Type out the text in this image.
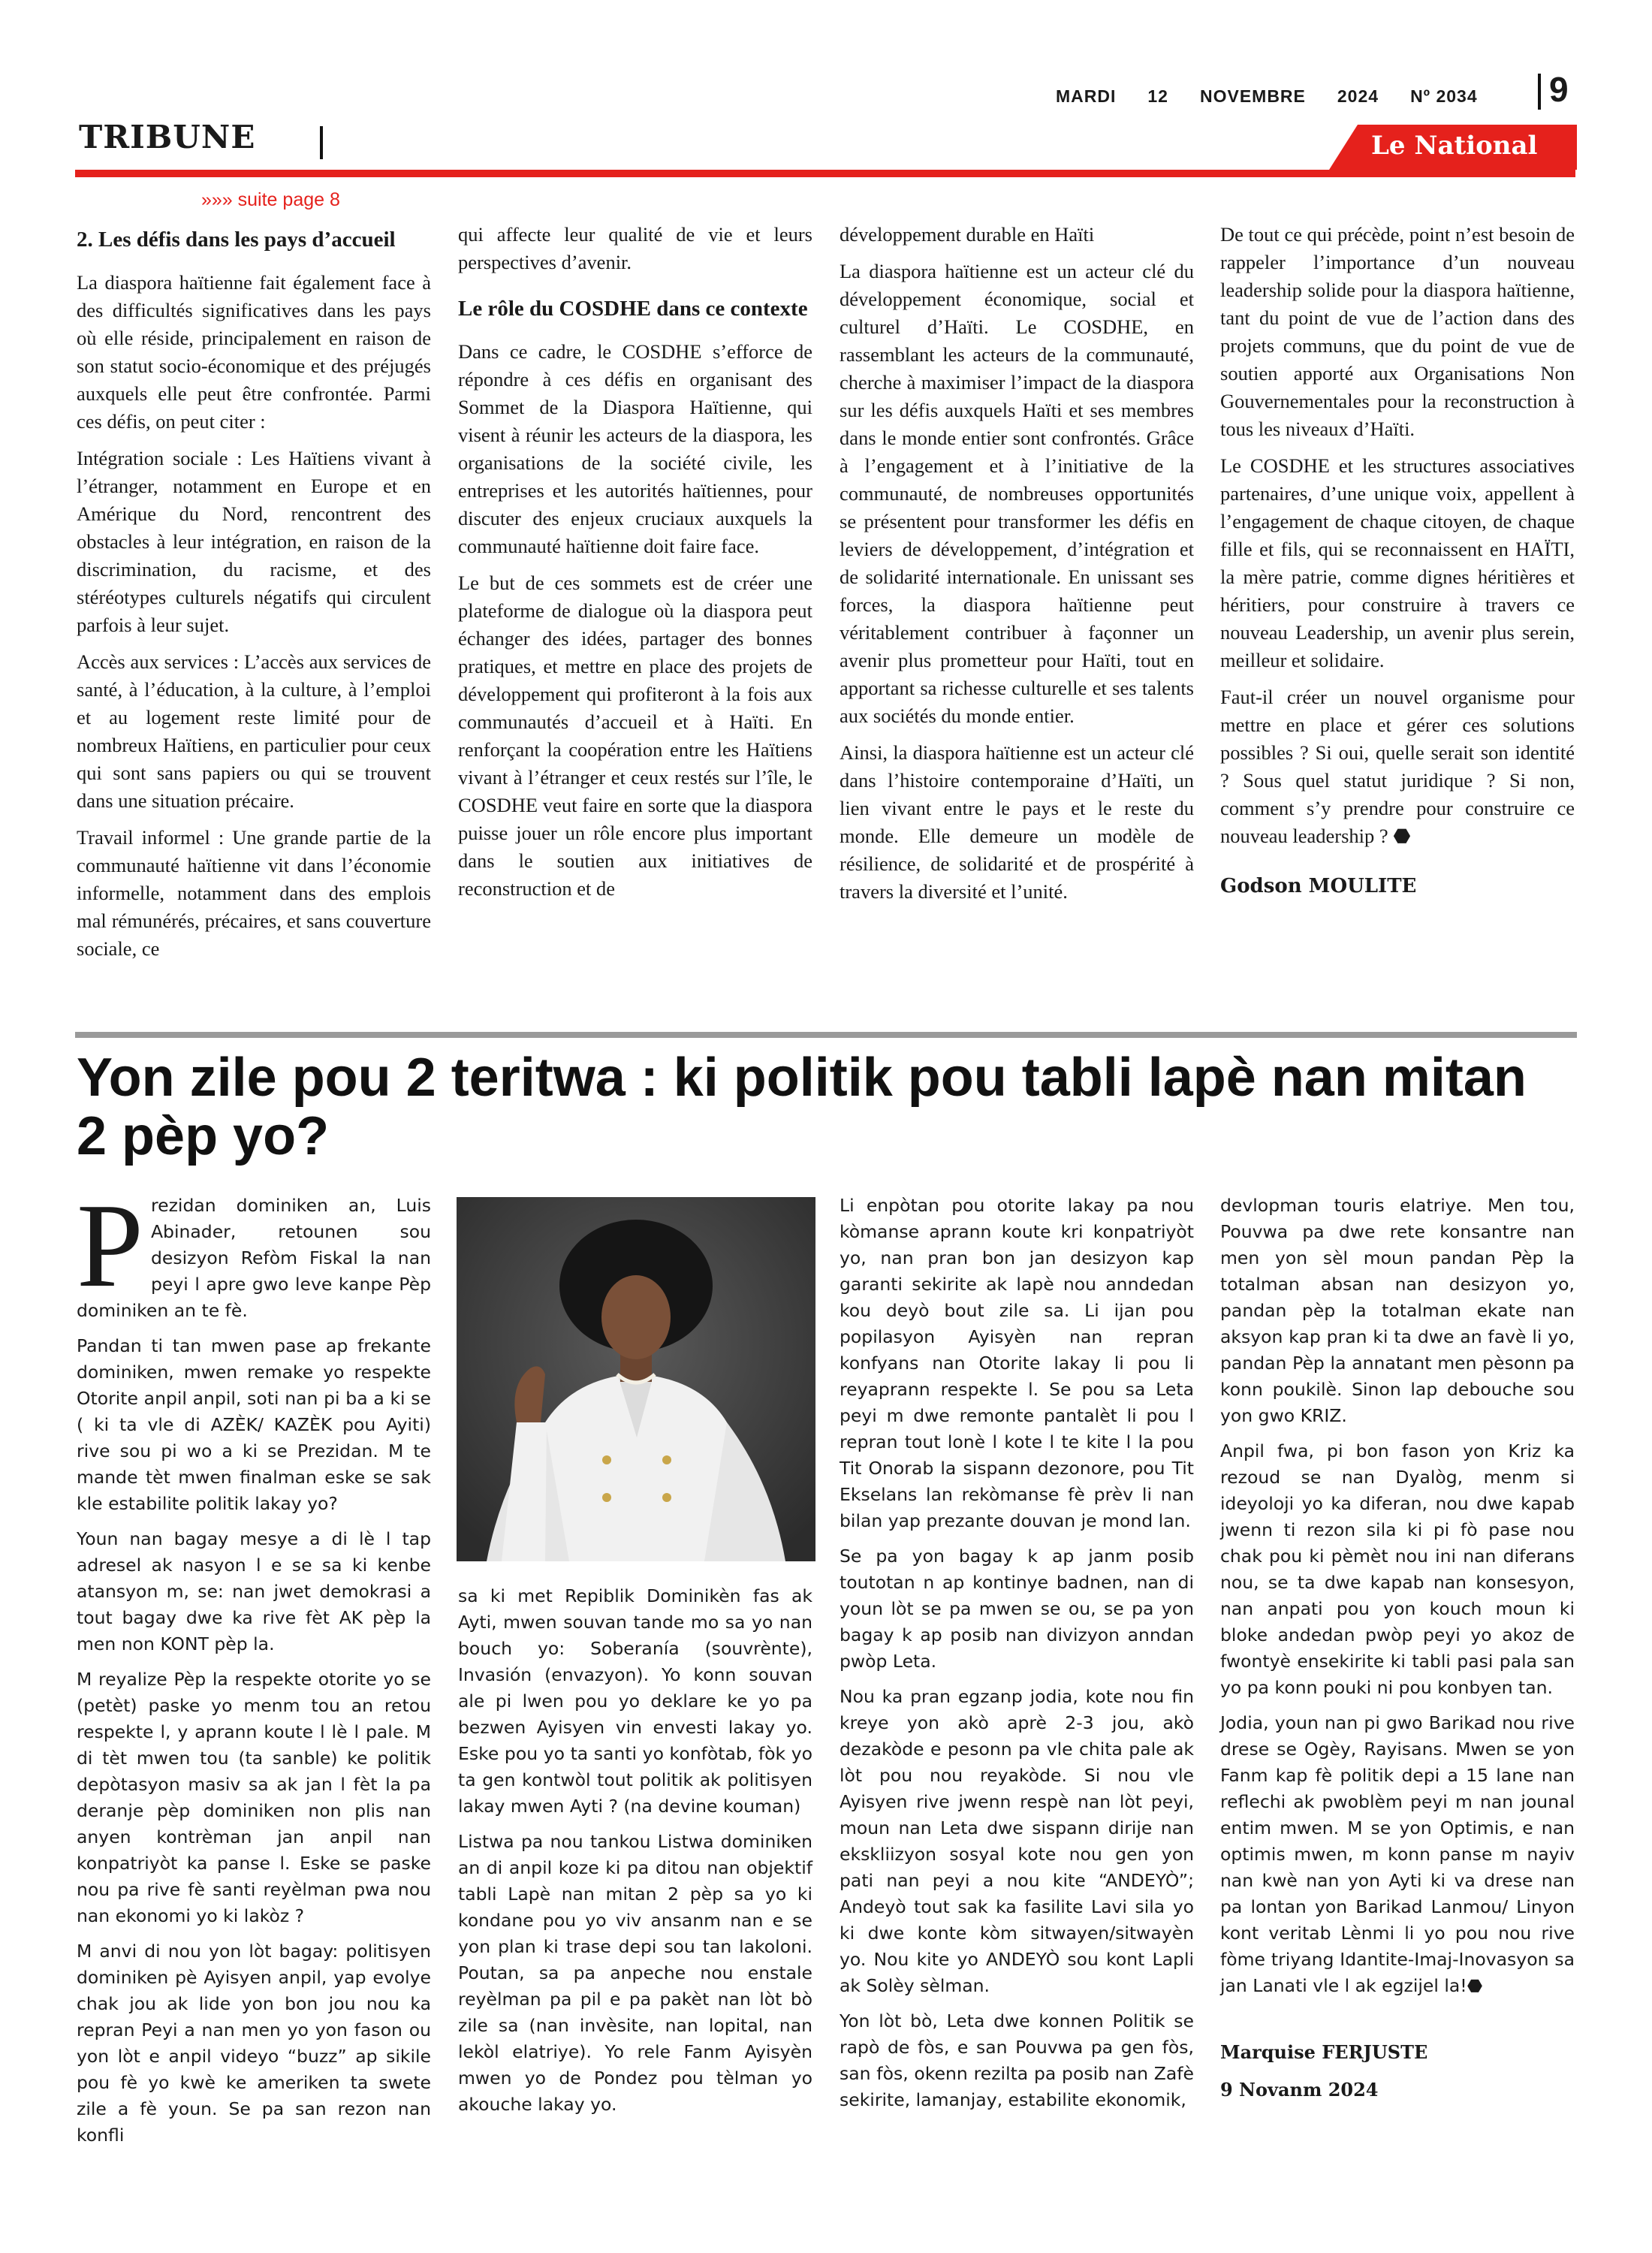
MARDI 12 NOVEMBRE 2024 Nº 2034	9
TRIBUNE	Le National
»»» suite page 8
2. Les défis dans les pays d’accueil

La diaspora haïtienne fait également face à des difficultés significatives dans les pays où elle réside, principalement en raison de son statut socio-économique et des préjugés auxquels elle peut être confrontée. Parmi ces défis, on peut citer :

Intégration sociale : Les Haïtiens vivant à l’étranger, notamment en Europe et en Amérique du Nord, rencontrent des obstacles à leur intégration, en raison de la discrimination, du racisme, et des stéréotypes culturels négatifs qui circulent parfois à leur sujet.

Accès aux services : L’accès aux services de santé, à l’éducation, à la culture, à l’emploi et au logement reste limité pour de nombreux Haïtiens, en particulier pour ceux qui sont sans papiers ou qui se trouvent dans une situation précaire.

Travail informel : Une grande partie de la communauté haïtienne vit dans l’économie informelle, notamment dans des emplois mal rémunérés, précaires, et sans couverture sociale, ce

qui affecte leur qualité de vie et leurs perspectives d’avenir.

Le rôle du COSDHE dans ce contexte

Dans ce cadre, le COSDHE s’efforce de répondre à ces défis en organisant des Sommet de la Diaspora Haïtienne, qui visent à réunir les acteurs de la diaspora, les organisations de la société civile, les entreprises et les autorités haïtiennes, pour discuter des enjeux cruciaux auxquels la communauté haïtienne doit faire face.

Le but de ces sommets est de créer une plateforme de dialogue où la diaspora peut échanger des idées, partager des bonnes pratiques, et mettre en place des projets de développement qui profiteront à la fois aux communautés d’accueil et à Haïti. En renforçant la coopération entre les Haïtiens vivant à l’étranger et ceux restés sur l’île, le COSDHE veut faire en sorte que la diaspora puisse jouer un rôle encore plus important dans le soutien aux initiatives de reconstruction et de

développement durable en Haïti

La diaspora haïtienne est un acteur clé du développement économique, social et culturel d’Haïti. Le COSDHE, en rassemblant les acteurs de la communauté, cherche à maximiser l’impact de la diaspora sur les défis auxquels Haïti et ses membres dans le monde entier sont confrontés. Grâce à l’engagement et à l’initiative de la communauté, de nombreuses opportunités se présentent pour transformer les défis en leviers de développement, d’intégration et de solidarité internationale. En unissant ses forces, la diaspora haïtienne peut véritablement contribuer à façonner un avenir plus prometteur pour Haïti, tout en apportant sa richesse culturelle et ses talents aux sociétés du monde entier.

Ainsi, la diaspora haïtienne est un acteur clé dans l’histoire contemporaine d’Haïti, un lien vivant entre le pays et le reste du monde. Elle demeure un modèle de résilience, de solidarité et de prospérité à travers la diversité et l’unité.

De tout ce qui précède, point n’est besoin de rappeler l’importance d’un nouveau leadership solide pour la diaspora haïtienne, tant du point de vue de l’action dans des projets communs, que du point de vue de soutien apporté aux Organisations Non Gouvernementales pour la reconstruction à tous les niveaux d’Haïti.

Le COSDHE et les structures associatives partenaires, d’une unique voix, appellent à l’engagement de chaque citoyen, de chaque fille et fils, qui se reconnaissent en HAÏTI, la mère patrie, comme dignes héritières et héritiers, pour construire à travers ce nouveau Leadership, un avenir plus serein, meilleur et solidaire.

Faut-il créer un nouvel organisme pour mettre en place et gérer ces solutions possibles ? Si oui, quelle serait son identité ? Sous quel statut juridique ? Si non, comment s’y prendre pour construire ce nouveau leadership ? ⬣

Godson MOULITE
Yon zile pou 2 teritwa : ki politik pou tabli lapè nan mitan 2 pèp yo?

Prezidan dominiken an, Luis Abinader, retounen sou desizyon Refòm Fiskal la nan peyi l apre gwo leve kanpe Pèp dominiken an te fè.

Pandan ti tan mwen pase ap frekante dominiken, mwen remake yo respekte Otorite anpil anpil, soti nan pi ba a ki se ( ki ta vle di AZÈK/ KAZÈK pou Ayiti) rive sou pi wo a ki se Prezidan. M te mande tèt mwen finalman eske se sak kle estabilite politik lakay yo?

Youn nan bagay mesye a di lè l tap adresel ak nasyon l e se sa ki kenbe atansyon m, se: nan jwet demokrasi a tout bagay dwe ka rive fèt AK pèp la men non KONT pèp la.

M reyalize Pèp la respekte otorite yo se (petèt) paske yo menm tou an retou respekte l, y aprann koute l lè l pale. M di tèt mwen tou (ta sanble) ke politik depòtasyon masiv sa ak jan l fèt la pa deranje pèp dominiken non plis nan anyen kontrèman jan anpil nan konpatriyòt ka panse l. Eske se paske nou pa rive fè santi reyèlman pwa nou nan ekonomi yo ki lakòz ?

M anvi di nou yon lòt bagay: politisyen dominiken pè Ayisyen anpil, yap evolye chak jou ak lide yon bon jou nou ka repran Peyi a nan men yo yon fason ou yon lòt e anpil videyo “buzz” ap sikile pou fè yo kwè ke ameriken ta swete zile a fè youn. Se pa san rezon nan konfli

sa ki met Repiblik Dominikèn fas ak Ayti, mwen souvan tande mo sa yo nan bouch yo: Soberanía (souvrènte), Invasión (envazyon). Yo konn souvan ale pi lwen pou yo deklare ke yo pa bezwen Ayisyen vin envesti lakay yo. Eske pou yo ta santi yo konfòtab, fòk yo ta gen kontwòl tout politik ak politisyen lakay mwen Ayti ? (na devine kouman)

Listwa pa nou tankou Listwa dominiken an di anpil koze ki pa ditou nan objektif tabli Lapè nan mitan 2 pèp sa yo ki kondane pou yo viv ansanm nan e se yon plan ki trase depi sou tan lakoloni. Poutan, sa pa anpeche nou enstale reyèlman pa pil e pa pakèt nan lòt bò zile sa (nan invèsite, nan lopital, nan lekòl elatriye). Yo rele Fanm Ayisyèn mwen yo de Pondez pou tèlman yo akouche lakay yo.

Li enpòtan pou otorite lakay pa nou kòmanse aprann koute kri konpatriyòt yo, nan pran bon jan desizyon kap garanti sekirite ak lapè nou anndedan kou deyò bout zile sa. Li ijan pou popilasyon Ayisyèn nan repran konfyans nan Otorite lakay li pou li reyaprann respekte l. Se pou sa Leta peyi m dwe remonte pantalèt li pou l repran tout lonè l kote l te kite l la pou Tit Onorab la sispann dezonore, pou Tit Ekselans lan rekòmanse fè prèv li nan bilan yap prezante douvan je mond lan.

Se pa yon bagay k ap janm posib toutotan n ap kontinye badnen, nan di youn lòt se pa mwen se ou, se pa yon bagay k ap posib nan divizyon anndan pwòp Leta.

Nou ka pran egzanp jodia, kote nou fin kreye yon akò aprè 2-3 jou, akò dezakòde e pesonn pa vle chita pale ak lòt pou nou reyakòde. Si nou vle Ayisyen rive jwenn respè nan lòt peyi, moun nan Leta dwe sispann dirije nan ekskliizyon sosyal kote nou gen yon pati nan peyi a nou kite “ANDEYÒ”; Andeyò tout sak ka fasilite Lavi sila yo ki dwe konte kòm sitwayen/sitwayèn yo. Nou kite yo ANDEYÒ sou kont Lapli ak Solèy sèlman.

Yon lòt bò, Leta dwe konnen Politik se rapò de fòs, e san Pouvwa pa gen fòs, san fòs, okenn rezilta pa posib nan Zafè sekirite, lamanjay, estabilite ekonomik,

devlopman touris elatriye. Men tou, Pouvwa pa dwe rete konsantre nan men yon sèl moun pandan Pèp la totalman absan nan desizyon yo, pandan pèp la totalman ekate nan aksyon kap pran ki ta dwe an favè li yo, pandan Pèp la annatant men pèsonn pa konn poukilè. Sinon lap debouche sou yon gwo KRIZ.

Anpil fwa, pi bon fason yon Kriz ka rezoud se nan Dyalòg, menm si ideyoloji yo ka diferan, nou dwe kapab jwenn ti rezon sila ki pi fò pase nou chak pou ki pèmèt nou ini nan diferans nou, se ta dwe kapab nan konsesyon, nan anpati pou yon kouch moun ki bloke andedan pwòp peyi yo akoz de fwontyè ensekirite ki tabli pasi pala san yo pa konn pouki ni pou konbyen tan.

Jodia, youn nan pi gwo Barikad nou rive drese se Ogèy, Rayisans. Mwen se yon Fanm kap fè politik depi a 15 lane nan reflechi ak pwoblèm peyi m nan jounal entim mwen. M se yon Optimis, e nan optimis mwen, m konn panse m nayiv nan kwè nan yon Ayti ki va drese nan pa lontan yon Barikad Lanmou/ Linyon kont veritab Lènmi li yo pou nou rive fòme triyang Idantite-Imaj-Inovasyon sa jan Lanati vle l ak egzijel la!⬣

Marquise FERJUSTE
9 Novanm 2024
